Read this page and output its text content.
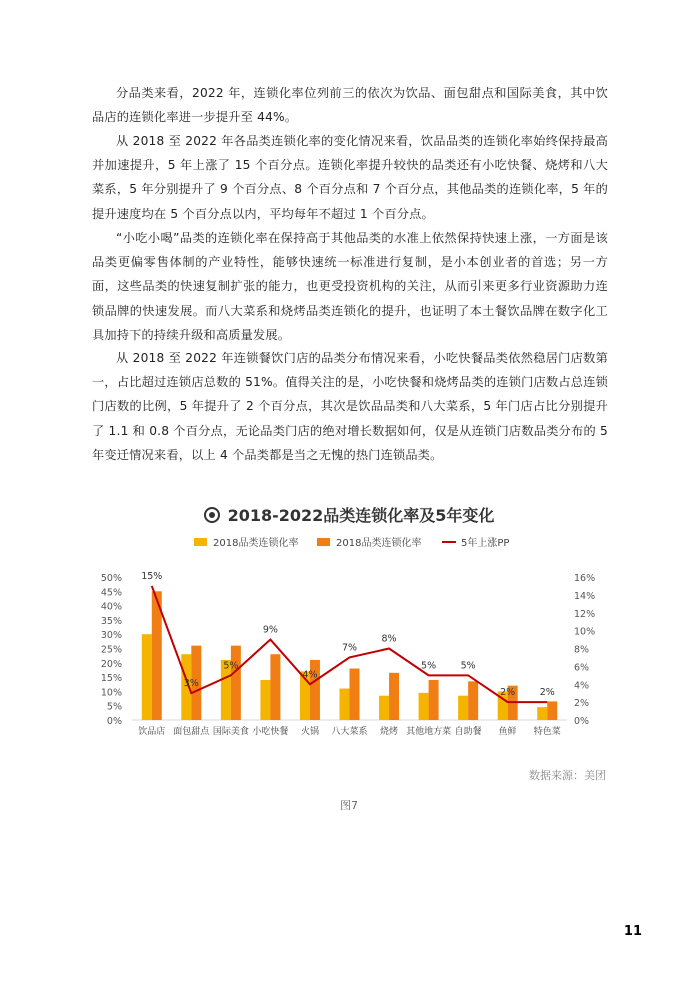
分品类来看，2022 年，连锁化率位列前三的依次为饮品、面包甜点和国际美食，其中饮品店的连锁化率进一步提升至 44%。
从 2018 至 2022 年各品类连锁化率的变化情况来看，饮品品类的连锁化率始终保持最高并加速提升，5 年上涨了 15 个百分点。连锁化率提升较快的品类还有小吃快餐、烧烤和八大菜系，5 年分别提升了 9 个百分点、8 个百分点和 7 个百分点，其他品类的连锁化率，5 年的提升速度均在 5 个百分点以内，平均每年不超过 1 个百分点。
“小吃小喝”品类的连锁化率在保持高于其他品类的水准上依然保持快速上涨，一方面是该品类更偏零售体制的产业特性，能够快速统一标准进行复制，是小本创业者的首选；另一方面，这些品类的快速复制扩张的能力，也更受投资机构的关注，从而引来更多行业资源助力连锁品牌的快速发展。而八大菜系和烧烤品类连锁化的提升，也证明了本土餐饮品牌在数字化工具加持下的持续升级和高质量发展。
从 2018 至 2022 年连锁餐饮门店的品类分布情况来看，小吃快餐品类依然稳居门店数第一，占比超过连锁店总数的 51%。值得关注的是，小吃快餐和烧烤品类的连锁门店数占总连锁门店数的比例，5 年提升了 2 个百分点，其次是饮品品类和八大菜系，5 年门店占比分别提升了 1.1 和 0.8 个百分点，无论品类门店的绝对增长数据如何，仅是从连锁门店数品类分布的 5 年变迁情况来看，以上 4 个品类都是当之无愧的热门连锁品类。
2018-2022品类连锁化率及5年变化
2018品类连锁化率	2018品类连锁化率	5年上涨PP
0%
5%
10%
15%
20%
25%
30%
35%
40%
45%
50%
0%
2%
4%
6%
8%
10%
12%
14%
16%
饮品店 面包甜点 国际美食 小吃快餐 火锅 八大菜系 烧烤 其他地方菜 自助餐 鱼鲜 特色菜
15%
3%
5%
9%
4%
7%
8%
5%	5%
2%	2%
数据来源：美团
图7
11
